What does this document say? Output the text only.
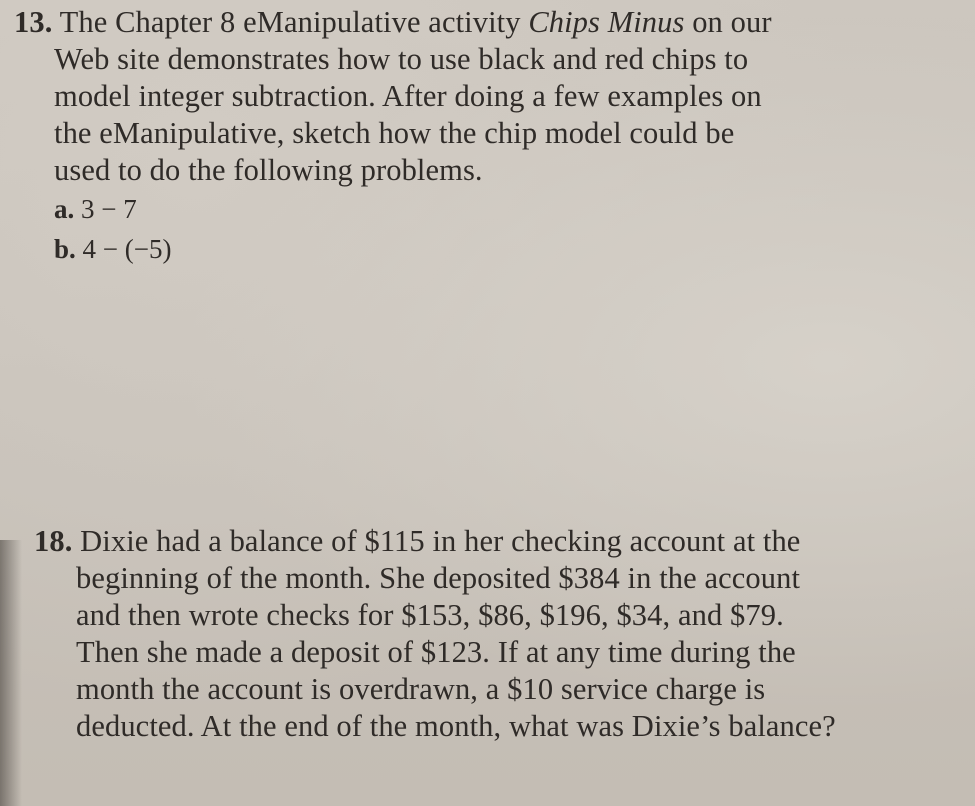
13. The Chapter 8 eManipulative activity Chips Minus on our
Web site demonstrates how to use black and red chips to
model integer subtraction. After doing a few examples on
the eManipulative, sketch how the chip model could be
used to do the following problems.
a. 3 − 7
b. 4 − (−5)
18. Dixie had a balance of $115 in her checking account at the
beginning of the month. She deposited $384 in the account
and then wrote checks for $153, $86, $196, $34, and $79.
Then she made a deposit of $123. If at any time during the
month the account is overdrawn, a $10 service charge is
deducted. At the end of the month, what was Dixie’s balance?
